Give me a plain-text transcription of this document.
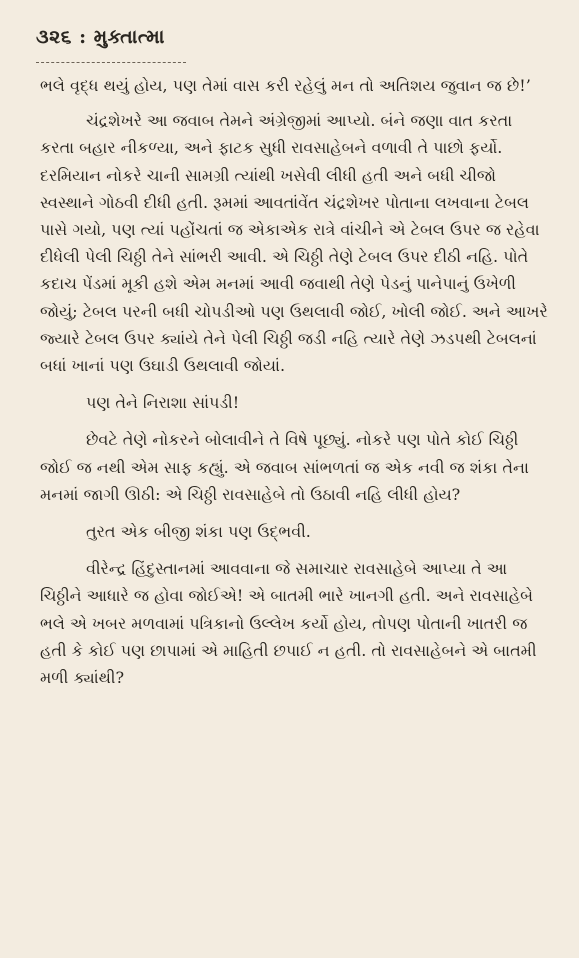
૩૨૬ : મુક્તાત્મા

ભલે વૃદ્ધ થયું હોય, પણ તેમાં વાસ કરી રહેલું મન તો અતિશય જુવાન જ છે!’

ચંદ્રશેખરે આ જવાબ તેમને અંગ્રેજીમાં આપ્યો. બંને જણા વાત કરતા કરતા બહાર નીકળ્યા, અને ફાટક સુધી રાવસાહેબને વળાવી તે પાછો ફર્યો. દરમિયાન નોકરે ચાની સામગ્રી ત્યાંથી ખસેવી લીધી હતી અને બધી ચીજો સ્વસ્થાને ગોઠવી દીધી હતી. રૂમમાં આવતાંવેંત ચંદ્રશેખર પોતાના લખવાના ટેબલ પાસે ગયો, પણ ત્યાં પહોંચતાં જ એકાએક રાત્રે વાંચીને એ ટેબલ ઉપર જ રહેવા દીધેલી પેલી ચિઠ્ઠી તેને સાંભરી આવી. એ ચિઠ્ઠી તેણે ટેબલ ઉપર દીઠી નહિ. પોતે કદાચ પેંડમાં મૂકી હશે એમ મનમાં આવી જવાથી તેણે પેડનું પાનેપાનું ઉખેળી જોયું; ટેબલ પરની બધી ચોપડીઓ પણ ઉથલાવી જોઈ, ખોલી જોઈ. અને આખરે જ્યારે ટેબલ ઉપર ક્યાંયે તેને પેલી ચિઠ્ઠી જડી નહિ ત્યારે તેણે ઝડપથી ટેબલનાં બધાં ખાનાં પણ ઉઘાડી ઉથલાવી જોયાં.

પણ તેને નિરાશા સાંપડી!

છેવટે તેણે નોકરને બોલાવીને તે વિષે પૂછ્યું. નોકરે પણ પોતે કોઈ ચિઠ્ઠી જોઈ જ નથી એમ સાફ કહ્યું. એ જવાબ સાંભળતાં જ એક નવી જ શંકા તેના મનમાં જાગી ઊઠી: એ ચિઠ્ઠી રાવસાહેબે તો ઉઠાવી નહિ લીધી હોય?

તુરત એક બીજી શંકા પણ ઉદ્ભવી.

વીરેન્દ્ર હિંદુસ્તાનમાં આવવાના જે સમાચાર રાવસાહેબે આપ્યા તે આ ચિઠ્ઠીને આધારે જ હોવા જોઈએ! એ બાતમી ભારે ખાનગી હતી. અને રાવસાહેબે ભલે એ ખબર મળવામાં પત્રિકાનો ઉલ્લેખ કર્યો હોય, તોપણ પોતાની ખાતરી જ હતી કે કોઈ પણ છાપામાં એ માહિતી છપાઈ ન હતી. તો રાવસાહેબને એ બાતમી મળી ક્યાંથી?
